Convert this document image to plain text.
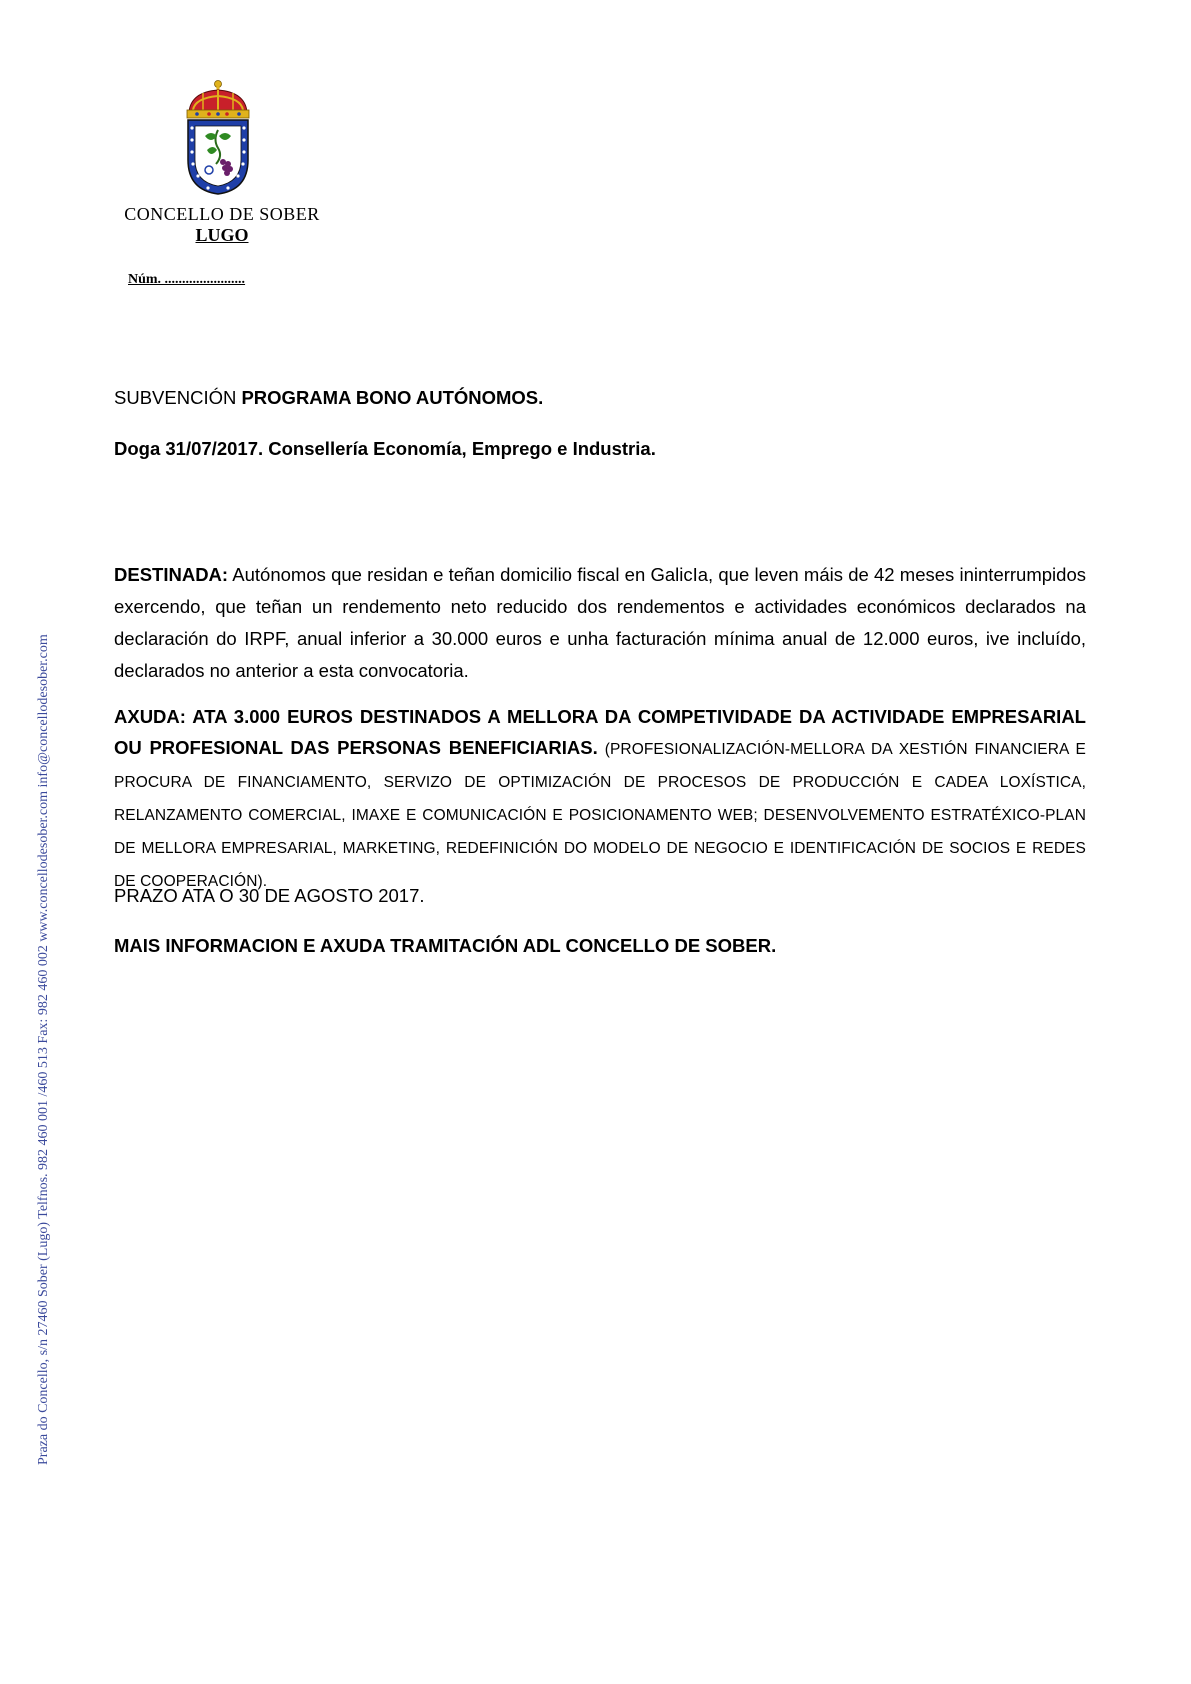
CONCELLO DE SOBER
LUGO
Núm. .......................
Praza do Concello, s/n 27460 Sober (Lugo) Telfnos. 982 460 001 /460 513 Fax: 982 460 002 www.concellodesober.com info@concellodesober.com
SUBVENCIÓN PROGRAMA BONO AUTÓNOMOS.
Doga 31/07/2017. Consellería Economía, Emprego e Industria.

DESTINADA: Autónomos que residan e teñan domicilio fiscal en GalicIa, que leven máis de 42 meses ininterrumpidos exercendo, que teñan un rendemento neto reducido dos rendementos e actividades económicos declarados na declaración do IRPF, anual inferior a 30.000 euros e unha facturación mínima anual de 12.000 euros, ive incluído, declarados no anterior a esta convocatoria.

AXUDA: ATA 3.000 EUROS DESTINADOS A MELLORA DA COMPETIVIDADE DA ACTIVIDADE EMPRESARIAL OU PROFESIONAL DAS PERSONAS BENEFICIARIAS. (PROFESIONALIZACIÓN-MELLORA DA XESTIÓN FINANCIERA E PROCURA DE FINANCIAMENTO, SERVIZO DE OPTIMIZACIÓN DE PROCESOS DE PRODUCCIÓN E CADEA LOXÍSTICA, RELANZAMENTO COMERCIAL, IMAXE E COMUNICACIÓN E POSICIONAMENTO WEB; DESENVOLVEMENTO ESTRATÉXICO-PLAN DE MELLORA EMPRESARIAL, MARKETING, REDEFINICIÓN DO MODELO DE NEGOCIO E IDENTIFICACIÓN DE SOCIOS E REDES DE COOPERACIÓN).

PRAZO ATA O 30 DE AGOSTO 2017.
MAIS INFORMACION E AXUDA TRAMITACIÓN ADL CONCELLO DE SOBER.
